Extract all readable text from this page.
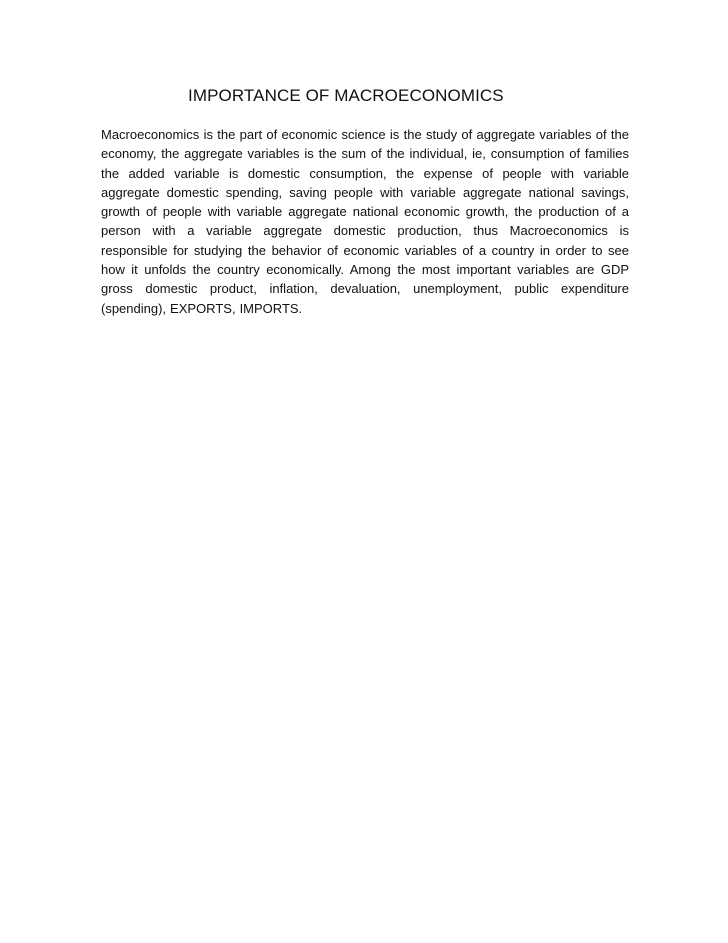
IMPORTANCE OF MACROECONOMICS

Macroeconomics is the part of economic science is the study of aggregate variables of the economy, the aggregate variables is the sum of the individual, ie, consumption of families the added variable is domestic consumption, the expense of people with variable aggregate domestic spending, saving people with variable aggregate national savings, growth of people with variable aggregate national economic growth, the production of a person with a variable aggregate domestic production, thus Macroeconomics is responsible for studying the behavior of economic variables of a country in order to see how it unfolds the country economically. Among the most important variables are GDP gross domestic product, inflation, devaluation, unemployment, public expenditure (spending), EXPORTS, IMPORTS.
